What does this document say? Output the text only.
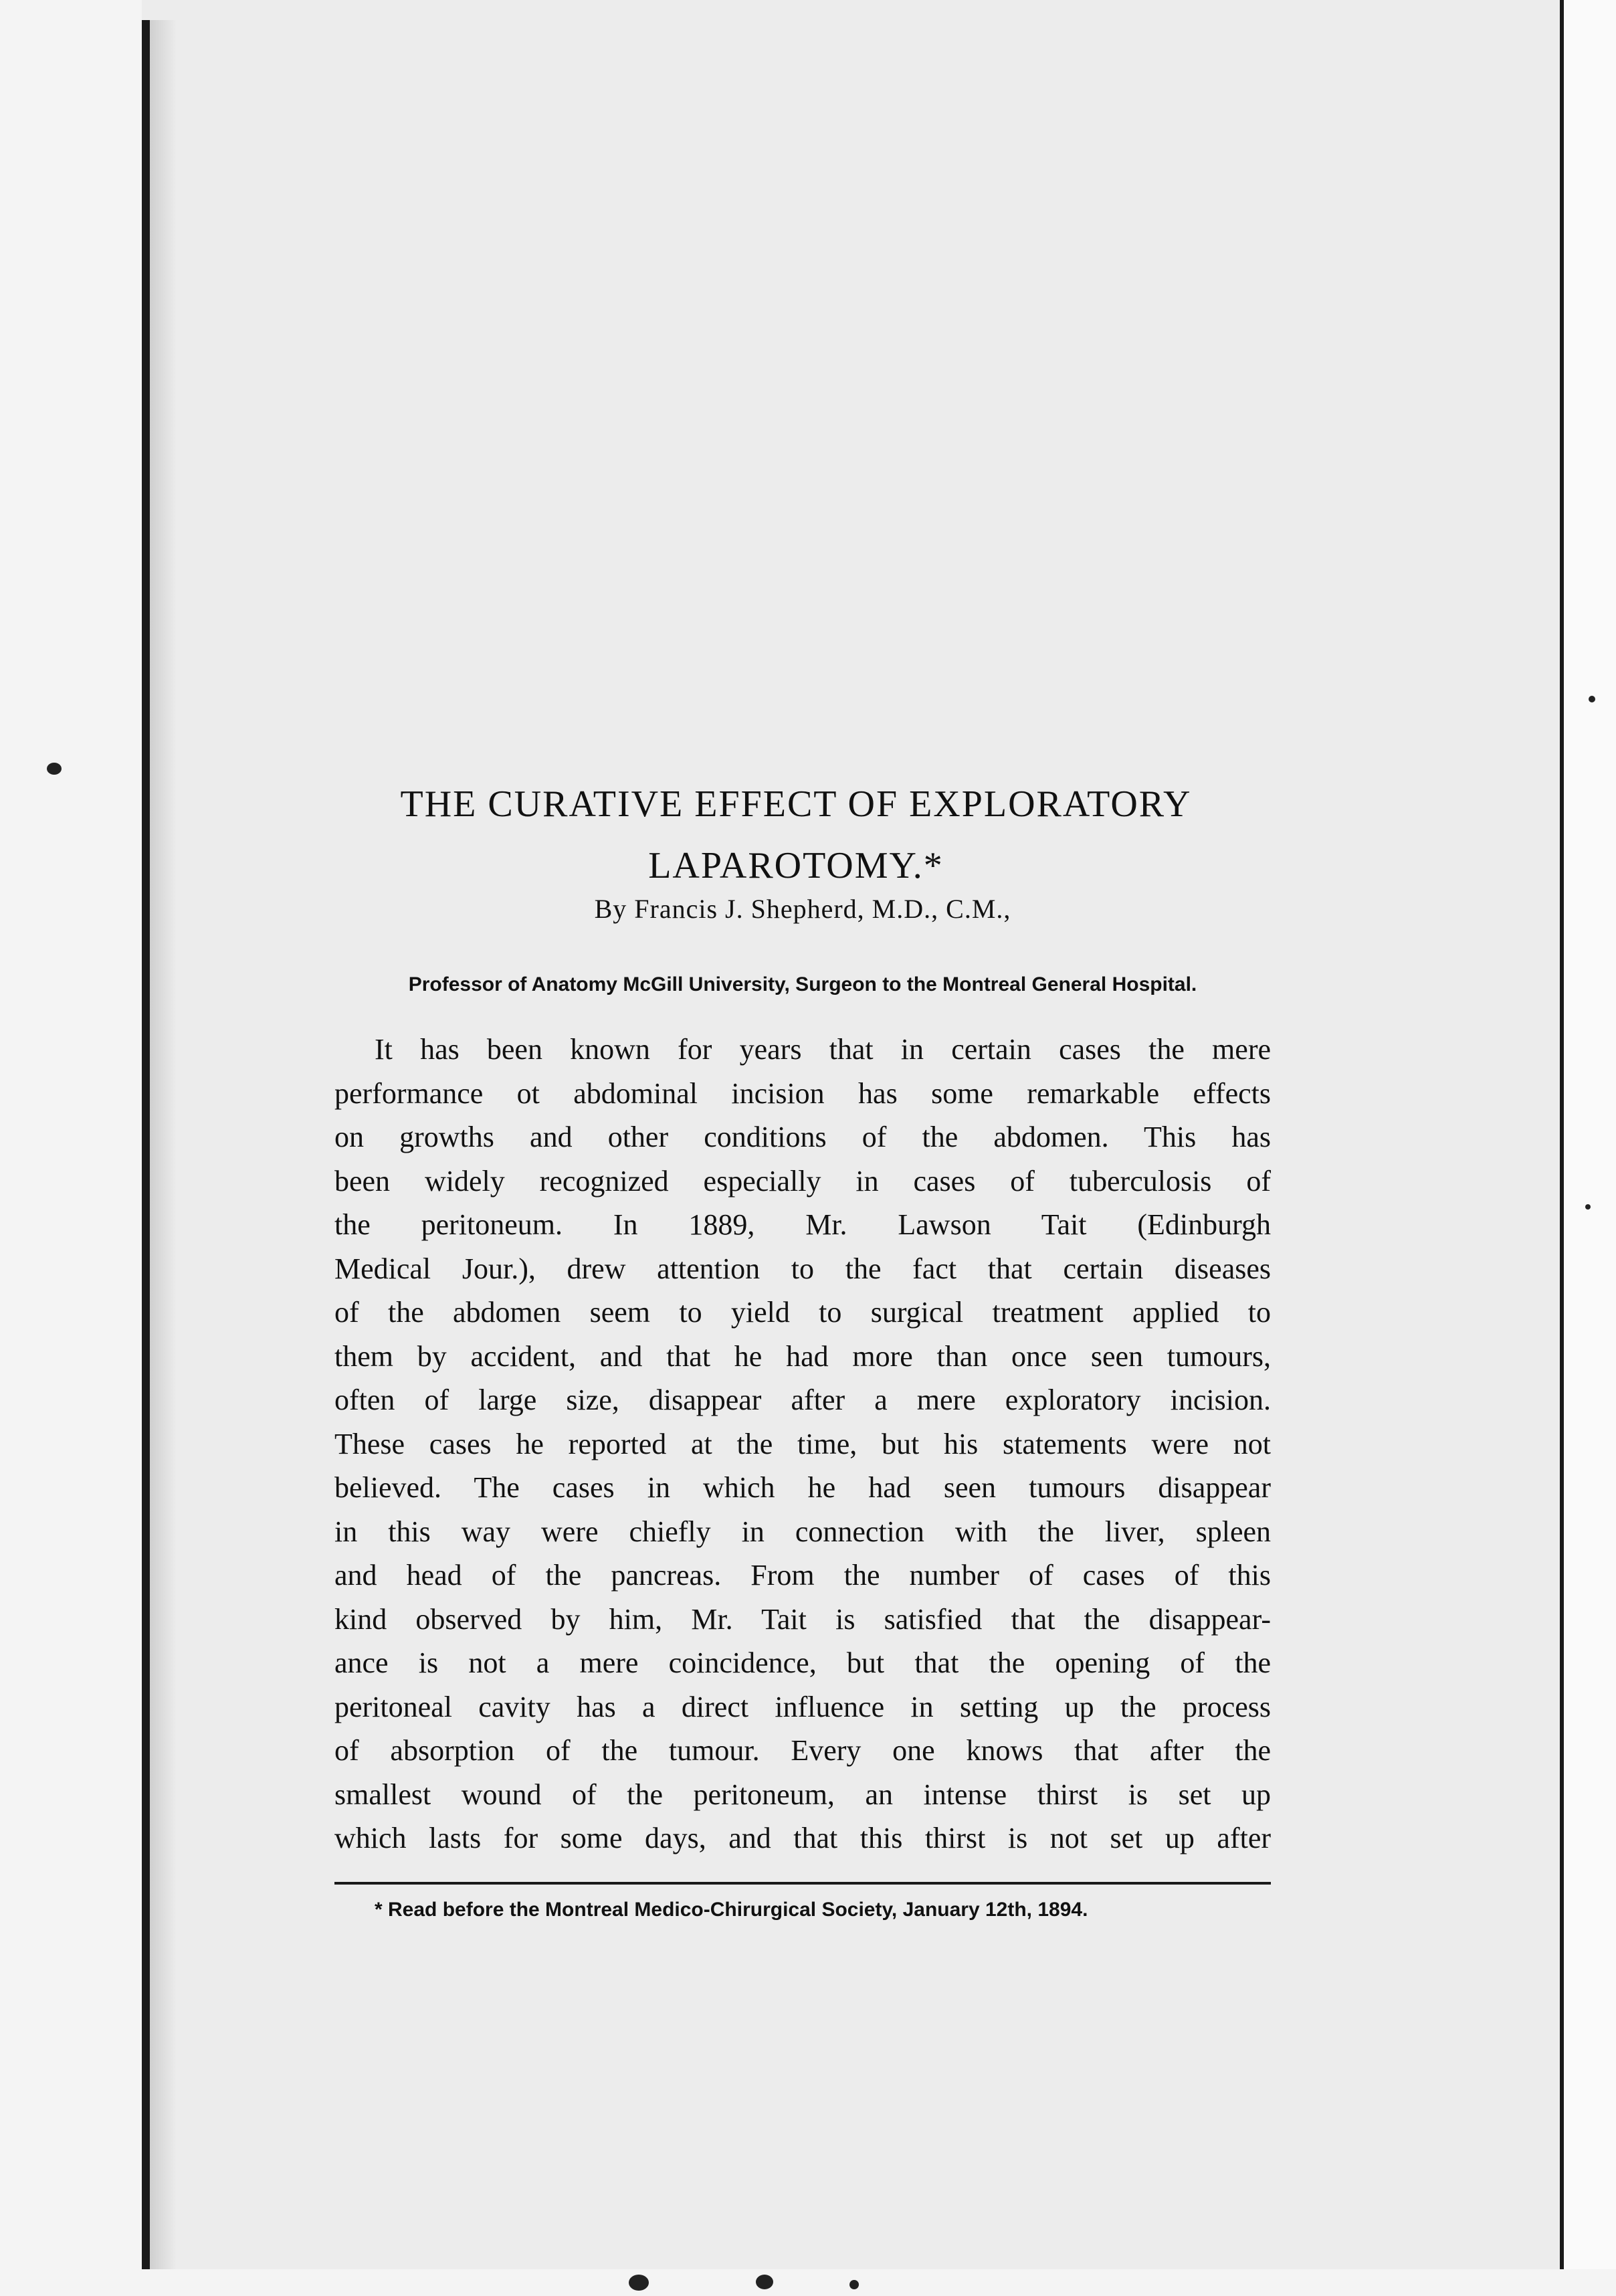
THE CURATIVE EFFECT OF EXPLORATORY
LAPAROTOMY.*
By Francis J. Shepherd, M.D., C.M.,
Professor of Anatomy McGill University, Surgeon to the Montreal General Hospital.
It has been known for years that in certain cases the mere
performance ot abdominal incision has some remarkable effects
on growths and other conditions of the abdomen. This has
been widely recognized especially in cases of tuberculosis of
the peritoneum. In 1889, Mr. Lawson Tait (Edinburgh
Medical Jour.), drew attention to the fact that certain diseases
of the abdomen seem to yield to surgical treatment applied to
them by accident, and that he had more than once seen tumours,
often of large size, disappear after a mere exploratory incision.
These cases he reported at the time, but his statements were not
believed. The cases in which he had seen tumours disappear
in this way were chiefly in connection with the liver, spleen
and head of the pancreas. From the number of cases of this
kind observed by him, Mr. Tait is satisfied that the disappear-
ance is not a mere coincidence, but that the opening of the
peritoneal cavity has a direct influence in setting up the process
of absorption of the tumour. Every one knows that after the
smallest wound of the peritoneum, an intense thirst is set up
which lasts for some days, and that this thirst is not set up after
* Read before the Montreal Medico-Chirurgical Society, January 12th, 1894.
